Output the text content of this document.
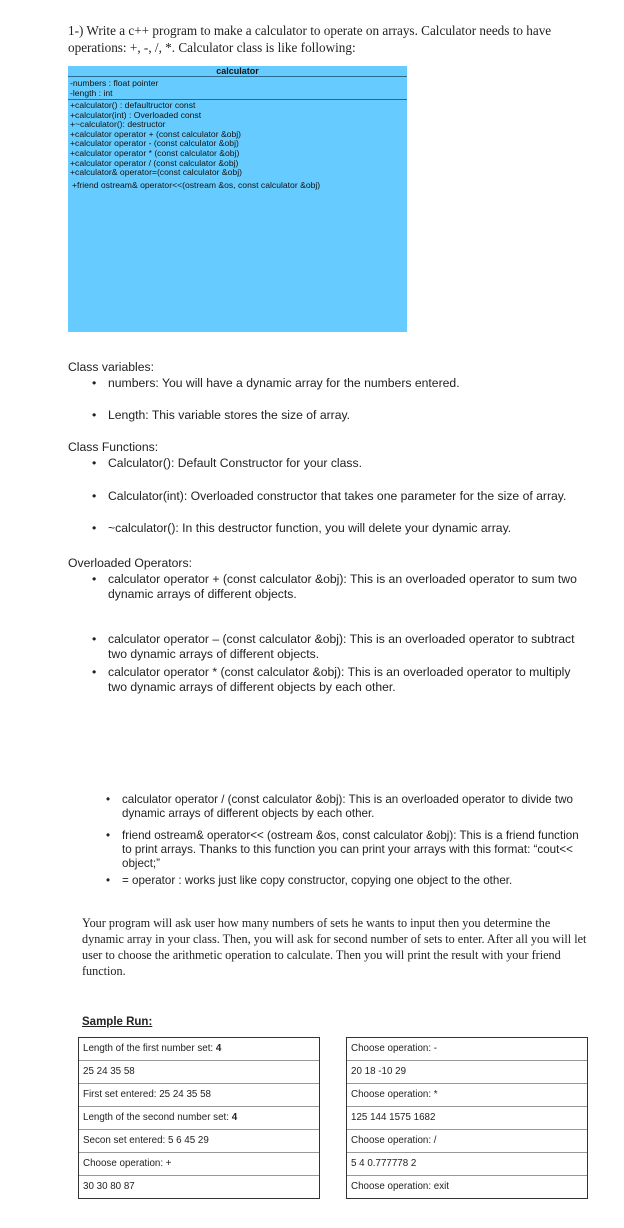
1-) Write a c++ program to make a calculator to operate on arrays. Calculator needs to have operations: +, -, /, *. Calculator class is like following:
calculator
-numbers : float pointer
-length : int
+calculator() : defaultructor const
+calculator(int) : Overloaded const
+~calculator(): destructor
+calculator operator + (const calculator &obj)
+calculator operator - (const calculator &obj)
+calculator operator * (const calculator &obj)
+calculator operator / (const calculator &obj)
+calculator& operator=(const calculator &obj)
+friend ostream& operator<<(ostream &os, const calculator &obj)
Class variables:
• numbers: You will have a dynamic array for the numbers entered.
• Length: This variable stores the size of array.
Class Functions:
• Calculator(): Default Constructor for your class.
• Calculator(int): Overloaded constructor that takes one parameter for the size of array.
• ~calculator(): In this destructor function, you will delete your dynamic array.
Overloaded Operators:
• calculator operator + (const calculator &obj): This is an overloaded operator to sum two dynamic arrays of different objects.
• calculator operator – (const calculator &obj): This is an overloaded operator to subtract two dynamic arrays of different objects.
• calculator operator * (const calculator &obj): This is an overloaded operator to multiply two dynamic arrays of different objects by each other.
• calculator operator / (const calculator &obj): This is an overloaded operator to divide two dynamic arrays of different objects by each other.
• friend ostream& operator<< (ostream &os, const calculator &obj): This is a friend function to print arrays. Thanks to this function you can print your arrays with this format: “cout<< object;”
• = operator : works just like copy constructor, copying one object to the other.
Your program will ask user how many numbers of sets he wants to input then you determine the dynamic array in your class. Then, you will ask for second number of sets to enter. After all you will let user to choose the arithmetic operation to calculate. Then you will print the result with your friend function.
Sample Run:
Length of the first number set: 4
25 24 35 58
First set entered: 25 24 35 58
Length of the second number set: 4
Secon set entered: 5 6 45 29
Choose operation: +
30 30 80 87
Choose operation: -
20 18 -10 29
Choose operation: *
125 144 1575 1682
Choose operation: /
5 4 0.777778 2
Choose operation: exit
